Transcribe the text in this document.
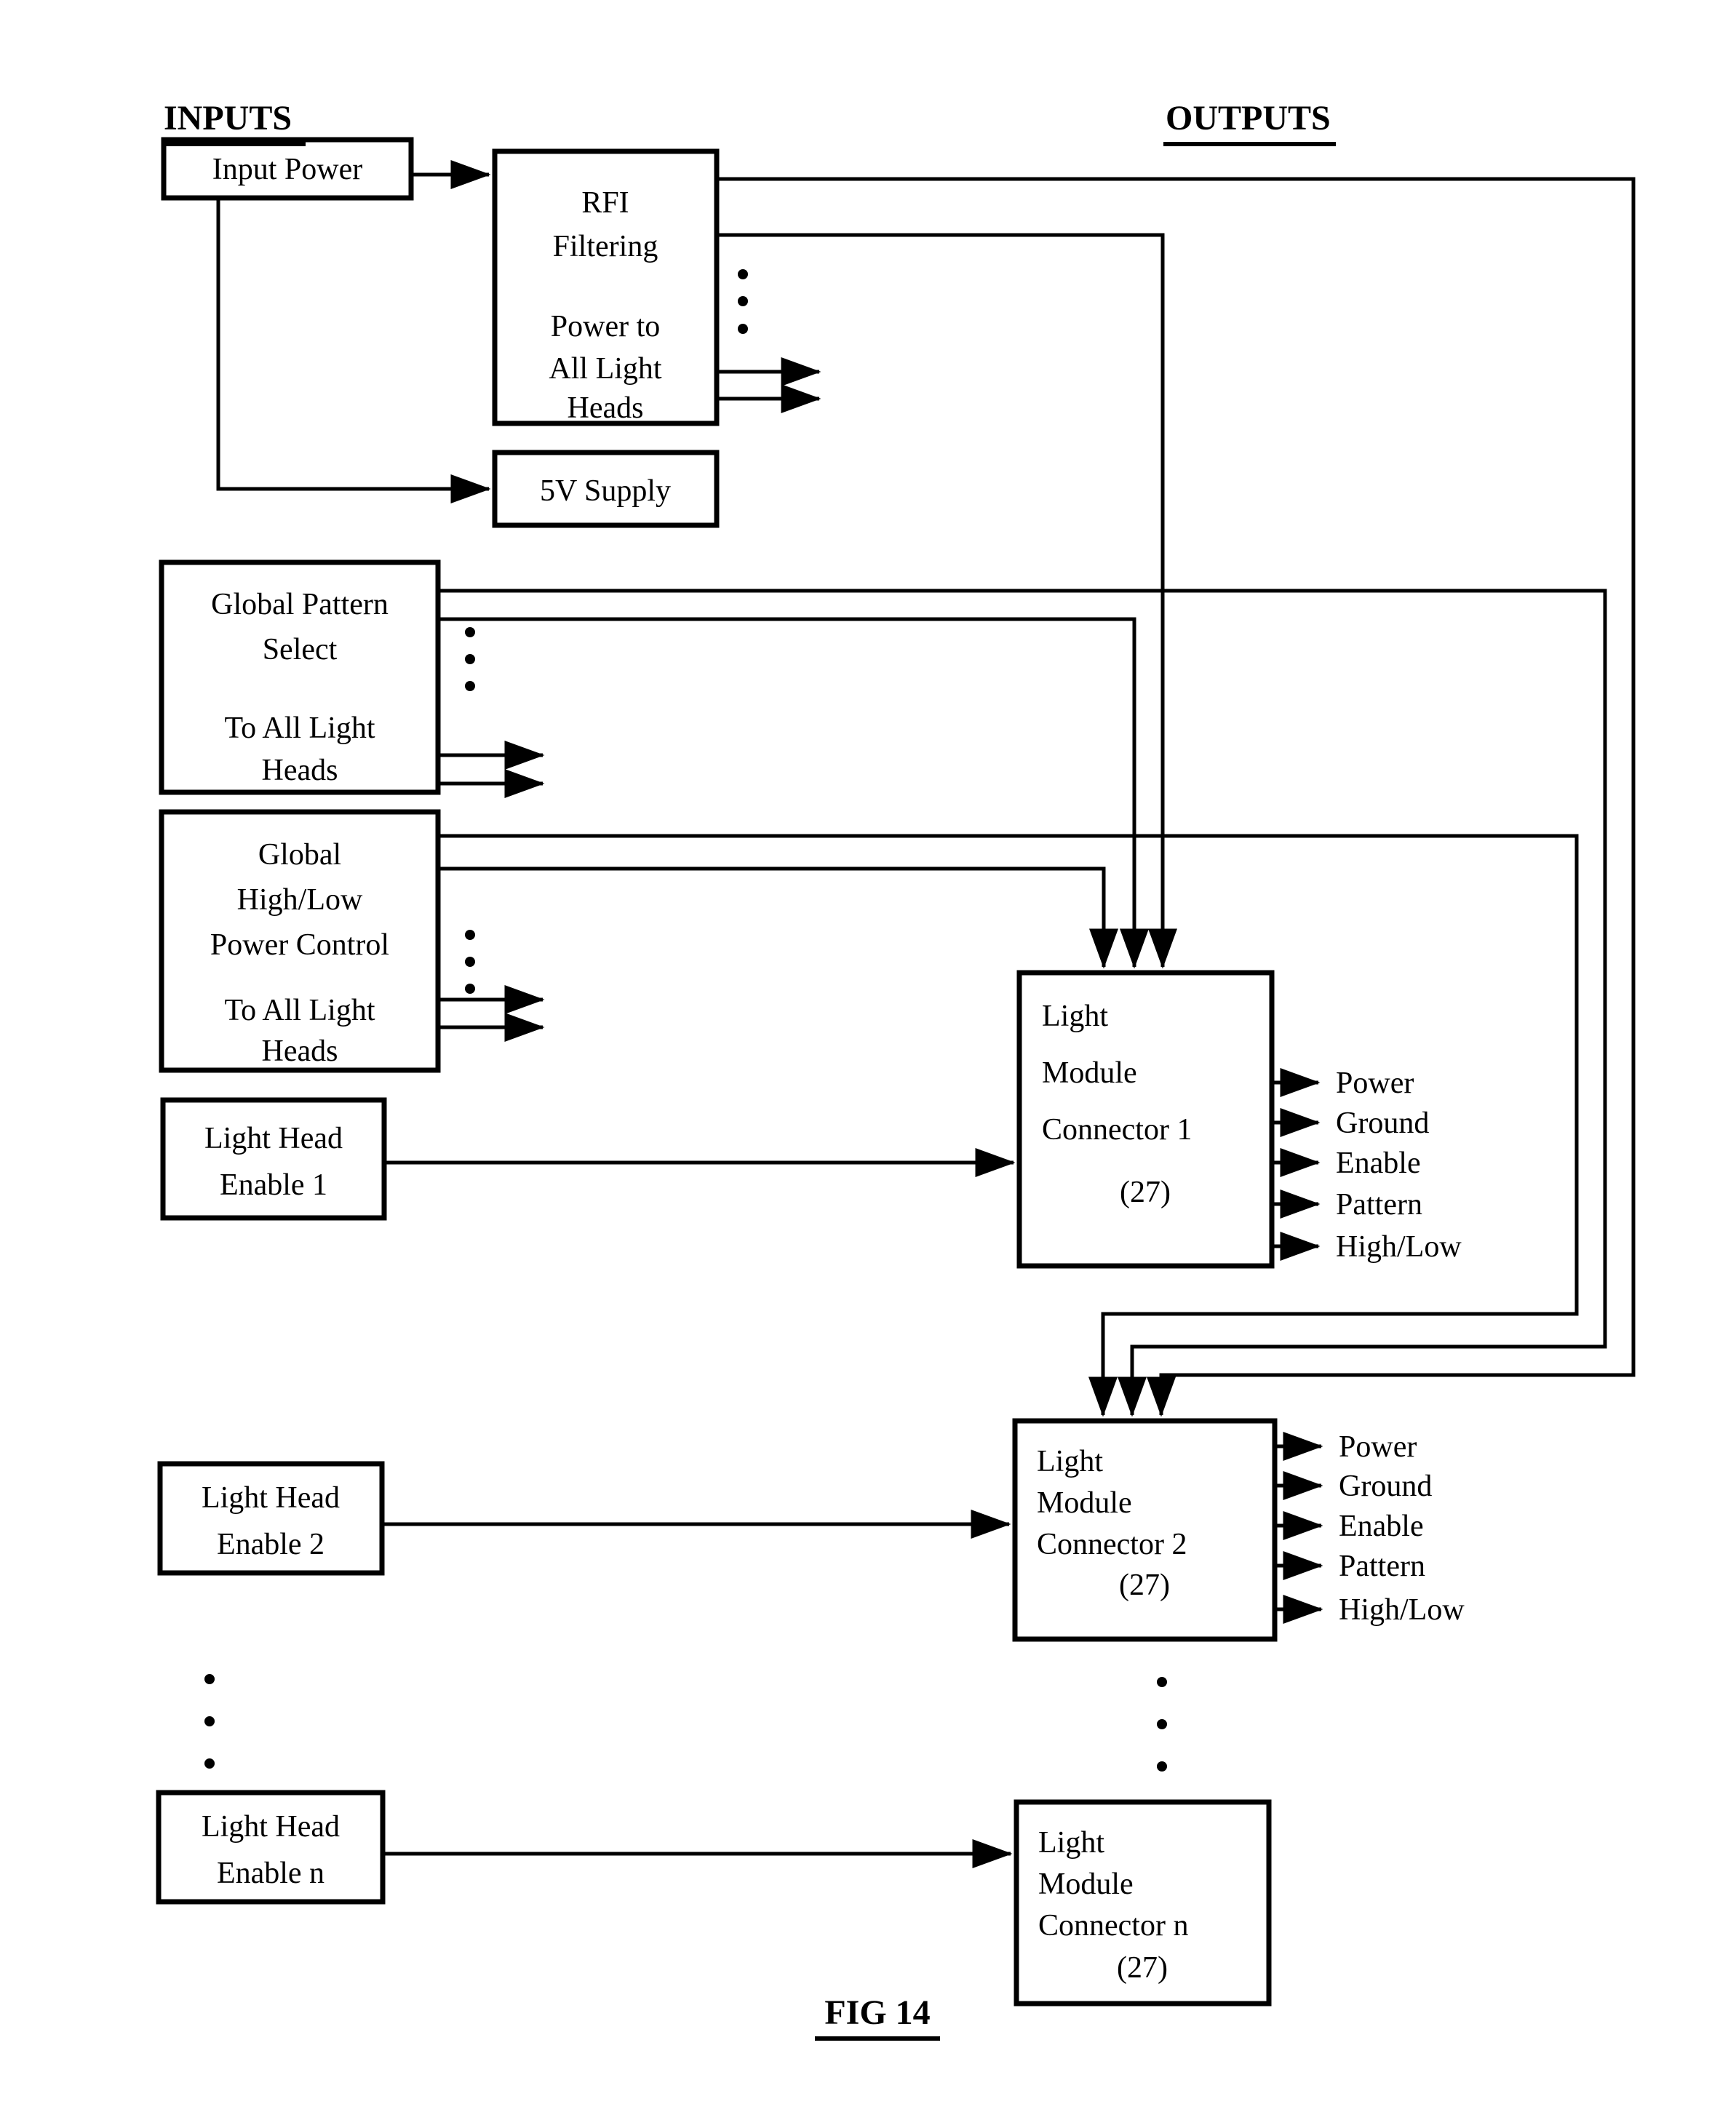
INPUTS	OUTPUTS
Input Power
RFI
Filtering
Power to
All Light
Heads
5V Supply
Global Pattern
Select
To All Light
Heads
Global
High/Low
Power Control
To All Light
Heads
Light Head
Enable 1
Light Head
Enable 2
Light Head
Enable n
Light
Module
Connector 1
(27)
Light
Module
Connector 2
(27)
Light
Module
Connector n
(27)
Power
Ground
Enable
Pattern
High/Low
Power
Ground
Enable
Pattern
High/Low
FIG 14
